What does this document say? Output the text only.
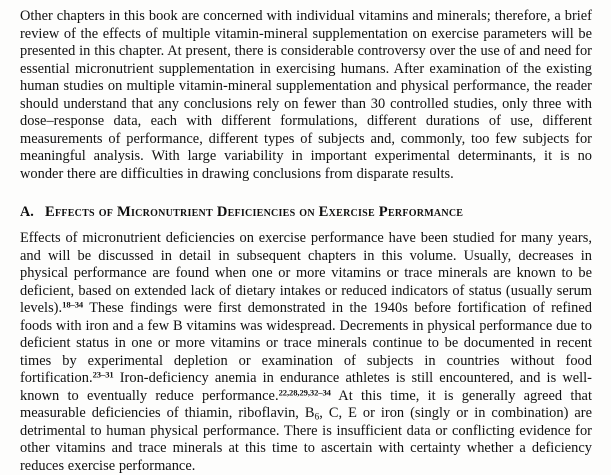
Other chapters in this book are concerned with individual vitamins and minerals; therefore, a brief review of the effects of multiple vitamin-mineral supplementation on exercise parameters will be presented in this chapter. At present, there is considerable controversy over the use of and need for essential micronutrient supplementation in exercising humans. After examination of the existing human studies on multiple vitamin-mineral supplementation and physical performance, the reader should understand that any conclusions rely on fewer than 30 controlled studies, only three with dose–response data, each with different formulations, different durations of use, different measurements of performance, different types of subjects and, commonly, too few subjects for meaningful analysis. With large variability in important experimental determinants, it is no wonder there are difficulties in drawing conclusions from disparate results.

A. Effects of Micronutrient Deficiencies on Exercise Performance

Effects of micronutrient deficiencies on exercise performance have been studied for many years, and will be discussed in detail in subsequent chapters in this volume. Usually, decreases in physical performance are found when one or more vitamins or trace minerals are known to be deficient, based on extended lack of dietary intakes or reduced indicators of status (usually serum levels).$^{18-34}$ These findings were first demonstrated in the 1940s before fortification of refined foods with iron and a few B vitamins was widespread. Decrements in physical performance due to deficient status in one or more vitamins or trace minerals continue to be documented in recent times by experimental depletion or examination of subjects in countries without food fortification.$^{23-31}$ Iron-deficiency anemia in endurance athletes is still encountered, and is well-known to eventually reduce performance.$^{22,28,29,32-34}$ At this time, it is generally agreed that measurable deficiencies of thiamin, riboflavin, $B_6$, C, E or iron (singly or in combination) are detrimental to human physical performance. There is insufficient data or conflicting evidence for other vitamins and trace minerals at this time to ascertain with certainty whether a deficiency reduces exercise performance.
